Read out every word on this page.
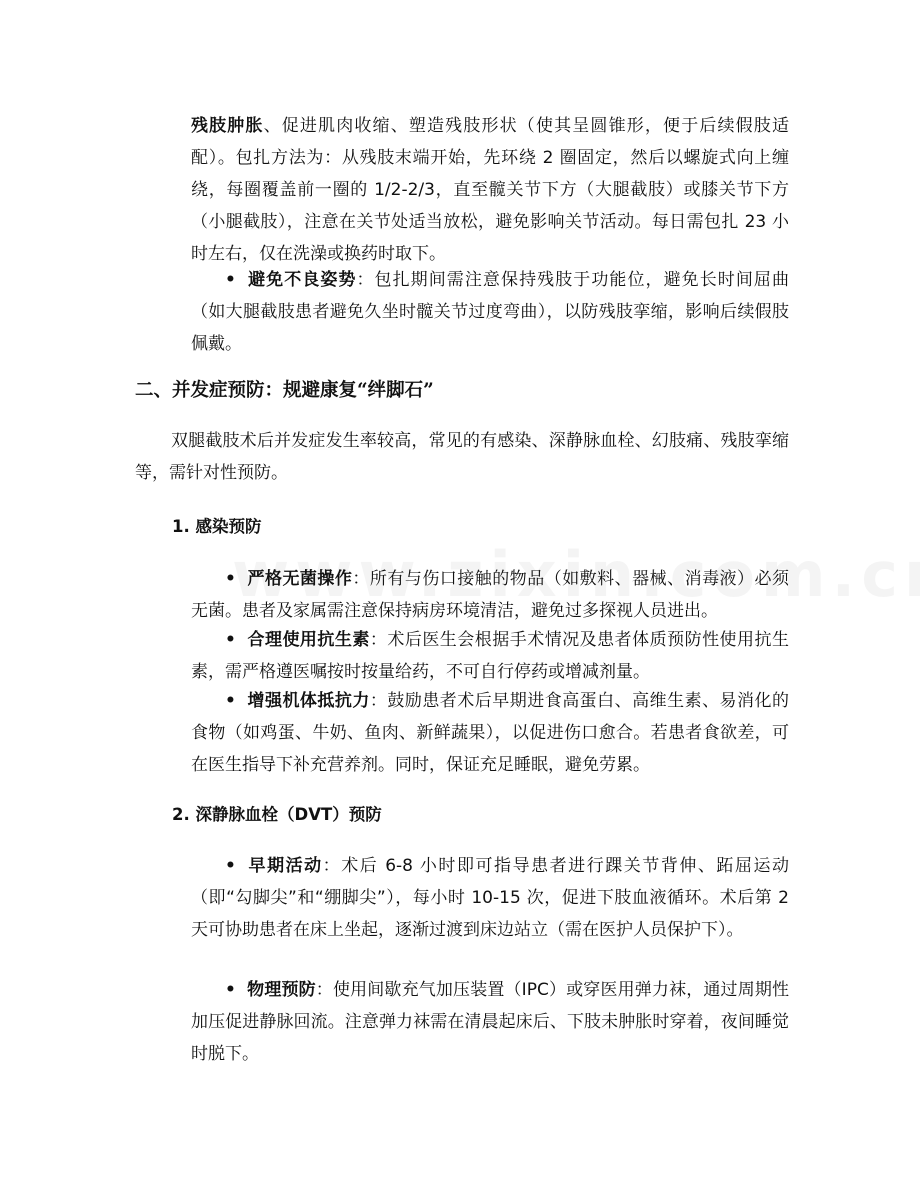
残肢肿胀、促进肌肉收缩、塑造残肢形状（使其呈圆锥形，便于后续假肢适配）。包扎方法为：从残肢末端开始，先环绕 2 圈固定，然后以螺旋式向上缠绕，每圈覆盖前一圈的 1/2-2/3，直至髋关节下方（大腿截肢）或膝关节下方（小腿截肢），注意在关节处适当放松，避免影响关节活动。每日需包扎 23 小时左右，仅在洗澡或换药时取下。
• 避免不良姿势：包扎期间需注意保持残肢于功能位，避免长时间屈曲（如大腿截肢患者避免久坐时髋关节过度弯曲），以防残肢挛缩，影响后续假肢佩戴。
二、并发症预防：规避康复“绊脚石”
双腿截肢术后并发症发生率较高，常见的有感染、深静脉血栓、幻肢痛、残肢挛缩等，需针对性预防。
1. 感染预防
• 严格无菌操作：所有与伤口接触的物品（如敷料、器械、消毒液）必须无菌。患者及家属需注意保持病房环境清洁，避免过多探视人员进出。
• 合理使用抗生素：术后医生会根据手术情况及患者体质预防性使用抗生素，需严格遵医嘱按时按量给药，不可自行停药或增减剂量。
• 增强机体抵抗力：鼓励患者术后早期进食高蛋白、高维生素、易消化的食物（如鸡蛋、牛奶、鱼肉、新鲜蔬果），以促进伤口愈合。若患者食欲差，可在医生指导下补充营养剂。同时，保证充足睡眠，避免劳累。
2. 深静脉血栓（DVT）预防
• 早期活动：术后 6-8 小时即可指导患者进行踝关节背伸、跖屈运动（即“勾脚尖”和“绷脚尖”），每小时 10-15 次，促进下肢血液循环。术后第 2 天可协助患者在床上坐起，逐渐过渡到床边站立（需在医护人员保护下）。
• 物理预防：使用间歇充气加压装置（IPC）或穿医用弹力袜，通过周期性加压促进静脉回流。注意弹力袜需在清晨起床后、下肢未肿胀时穿着，夜间睡觉时脱下。
